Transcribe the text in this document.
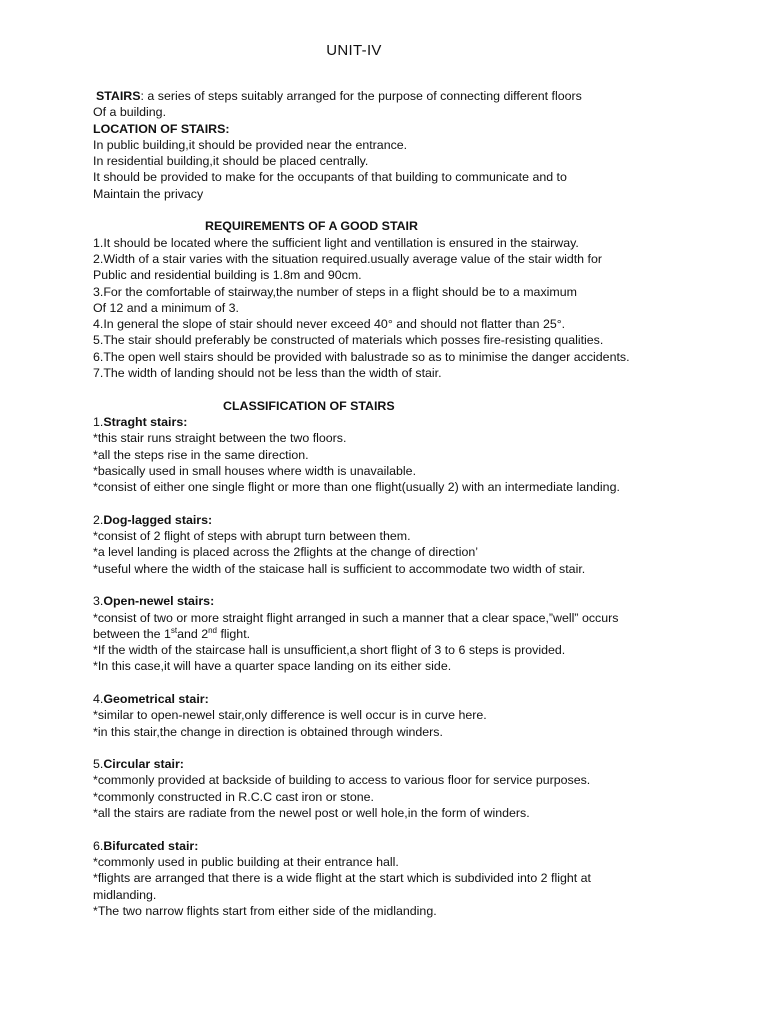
UNIT-IV
STAIRS: a series of steps suitably arranged for the purpose of connecting different floors
Of a building.
LOCATION OF STAIRS:
In public building,it should be provided near the entrance.
In residential building,it should be placed centrally.
It should be provided to make for the occupants of that building to communicate and to
Maintain the privacy
REQUIREMENTS OF A GOOD STAIR
1.It should be located where the sufficient light and ventillation is ensured in the stairway.
2.Width of a stair varies with the situation required.usually average value of the stair width for
Public and residential building is 1.8m and 90cm.
3.For the comfortable of stairway,the number of steps in a flight should be to a maximum
Of 12 and a minimum of 3.
4.In general the slope of stair should never exceed 40° and should not flatter than 25°.
5.The stair should preferably be constructed of materials which posses fire-resisting qualities.
6.The open well stairs should be provided with balustrade so as to minimise the danger accidents.
7.The width of landing should not be less than the width of stair.
CLASSIFICATION OF STAIRS
1.Straght stairs:
*this stair runs straight between the two floors.
*all the steps rise in the same direction.
*basically used in small houses where width is unavailable.
*consist of either one single flight or more than one flight(usually 2) with an intermediate landing.
2.Dog-lagged stairs:
*consist of 2 flight of steps with abrupt turn between them.
*a level landing is placed across the 2flights at the change of direction’
*useful where the width of the staicase hall is sufficient to accommodate two width of stair.
3.Open-newel stairs:
*consist of two or more straight flight arranged in such a manner that a clear space,”well” occurs
between the 1stand 2nd flight.
*If the width of the staircase hall is unsufficient,a short flight of 3 to 6 steps is provided.
*In this case,it will have a quarter space landing on its either side.
4.Geometrical stair:
*similar to open-newel stair,only difference is well occur is in curve here.
*in this stair,the change in direction is obtained through winders.
5.Circular stair:
*commonly provided at backside of building to access to various floor for service purposes.
*commonly constructed in R.C.C cast iron or stone.
*all the stairs are radiate from the newel post or well hole,in the form of winders.
6.Bifurcated stair:
*commonly used in public building at their entrance hall.
*flights are arranged that there is a wide flight at the start which is subdivided into 2 flight at
midlanding.
*The two narrow flights start from either side of the midlanding.
